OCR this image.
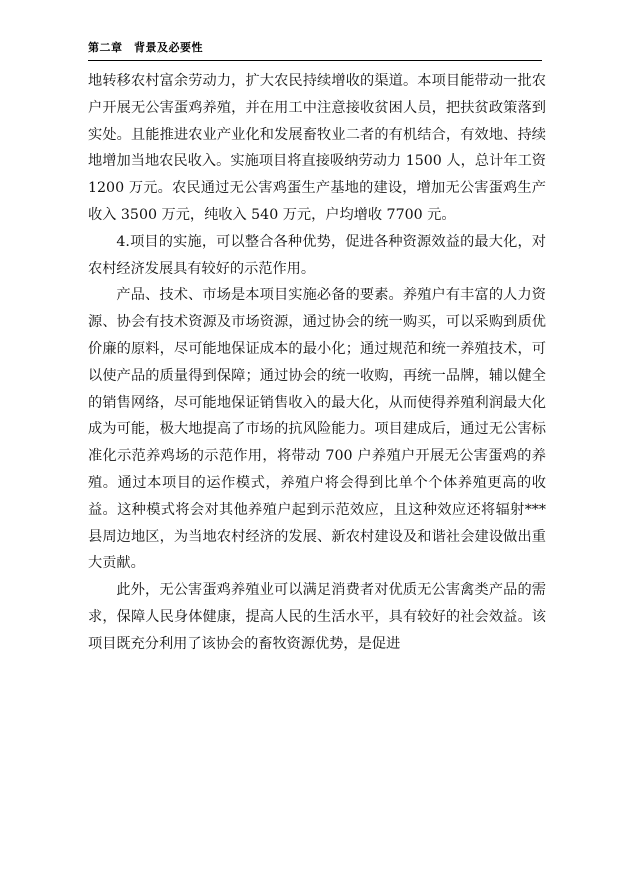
第二章　背景及必要性

地转移农村富余劳动力，扩大农民持续增收的渠道。本项目能带动一批农户开展无公害蛋鸡养殖，并在用工中注意接收贫困人员，把扶贫政策落到实处。且能推进农业产业化和发展畜牧业二者的有机结合，有效地、持续地增加当地农民收入。实施项目将直接吸纳劳动力 1500 人，总计年工资 1200 万元。农民通过无公害鸡蛋生产基地的建设，增加无公害蛋鸡生产收入 3500 万元，纯收入 540 万元，户均增收 7700 元。

4.项目的实施，可以整合各种优势，促进各种资源效益的最大化，对农村经济发展具有较好的示范作用。

产品、技术、市场是本项目实施必备的要素。养殖户有丰富的人力资源、协会有技术资源及市场资源，通过协会的统一购买，可以采购到质优价廉的原料，尽可能地保证成本的最小化；通过规范和统一养殖技术，可以使产品的质量得到保障；通过协会的统一收购，再统一品牌，辅以健全的销售网络，尽可能地保证销售收入的最大化，从而使得养殖利润最大化成为可能，极大地提高了市场的抗风险能力。项目建成后，通过无公害标准化示范养鸡场的示范作用，将带动 700 户养殖户开展无公害蛋鸡的养殖。通过本项目的运作模式，养殖户将会得到比单个个体养殖更高的收益。这种模式将会对其他养殖户起到示范效应，且这种效应还将辐射***县周边地区，为当地农村经济的发展、新农村建设及和谐社会建设做出重大贡献。

此外，无公害蛋鸡养殖业可以满足消费者对优质无公害禽类产品的需求，保障人民身体健康，提高人民的生活水平，具有较好的社会效益。该项目既充分利用了该协会的畜牧资源优势，是促进
